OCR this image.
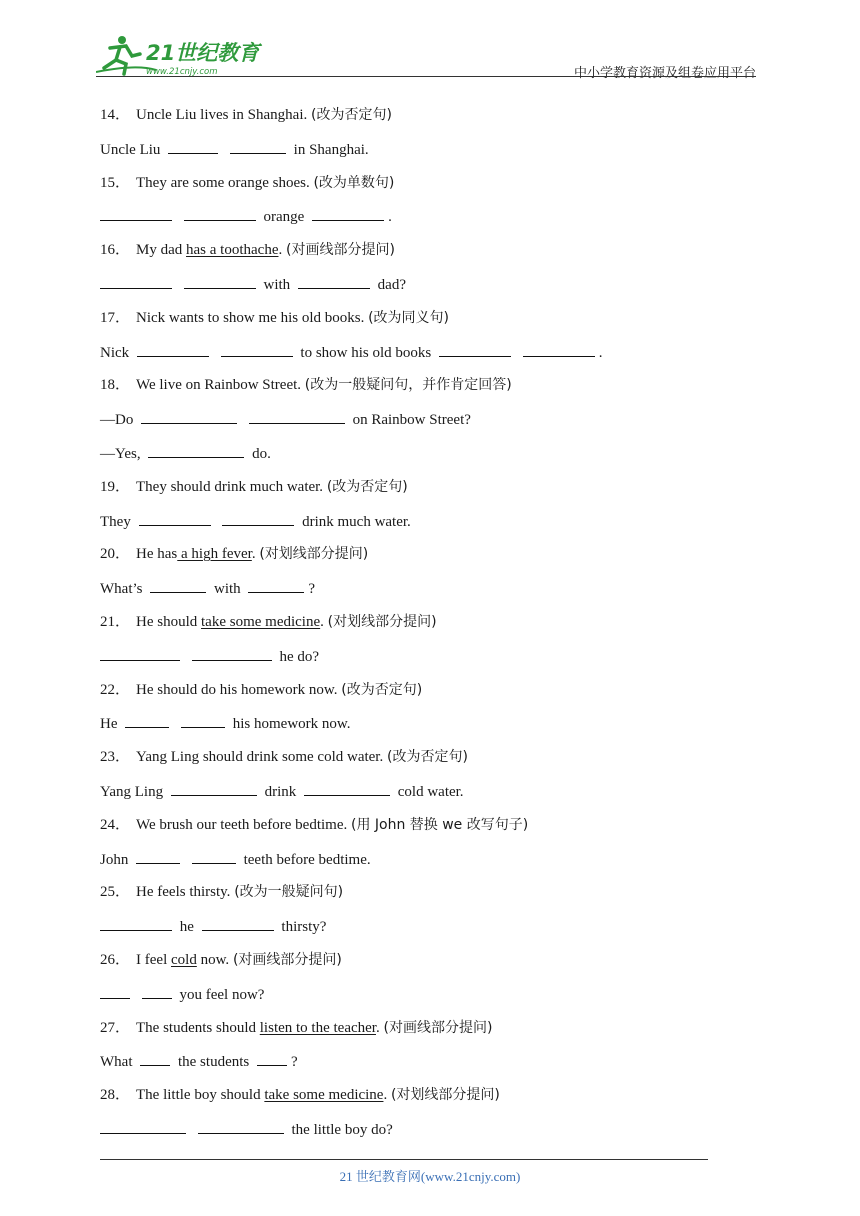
21世纪教育
www.21cnjy.com	中小学教育资源及组卷应用平台
14． Uncle Liu lives in Shanghai. (改为否定句)
Uncle Liu	in Shanghai.
15． They are some orange shoes. (改为单数句)
orange	.
16． My dad has a toothache. (对画线部分提问)
with	dad?
17． Nick wants to show me his old books. (改为同义句)
Nick	to show his old books	.
18． We live on Rainbow Street. (改为一般疑问句，并作肯定回答)
—Do	on Rainbow Street?
—Yes,	do.
19． They should drink much water. (改为否定句)
They	drink much water.
20． He has a high fever. (对划线部分提问)
What’s	with	?
21． He should take some medicine. (对划线部分提问)
he do?
22． He should do his homework now. (改为否定句)
He	his homework now.
23． Yang Ling should drink some cold water. (改为否定句)
Yang Ling	drink	cold water.
24． We brush our teeth before bedtime. (用 John 替换 we 改写句子)
John	teeth before bedtime.
25． He feels thirsty. (改为一般疑问句)
he	thirsty?
26． I feel cold now. (对画线部分提问)
you feel now?
27． The students should listen to the teacher. (对画线部分提问)
What	the students	?
28． The little boy should take some medicine. (对划线部分提问)
the little boy do?
21 世纪教育网(www.21cnjy.com)
